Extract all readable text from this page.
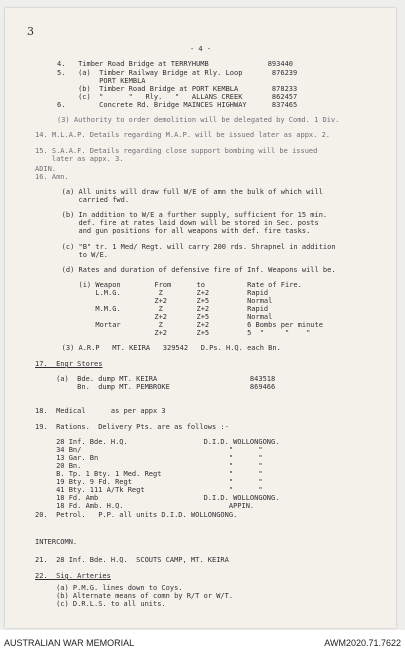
3
- 4 -
4.   Timber Road Bridge at TERRYHUMB              893440
5.   (a)  Timber Railway Bridge at Rly. Loop       876239
PORT KEMBLA
(b)  Timber Road Bridge at PORT KEMBLA        878233
(c)  "      "   Rly.   "   ALLANS CREEK       862457
6.        Concrete Rd. Bridge MAINCES HIGHWAY      837465
(3) Authority to order demolition will be delegated by Comd. 1 Div.
14. M.L.A.P. Details regarding M.A.P. will be issued later as appx. 2.
15. S.A.A.F. Details regarding close support bombing will be issued
later as appx. 3.
ADIN.
16. Amn.
(a) All units will draw full W/E of amn the bulk of which will
carried fwd.
(b) In addition to W/E a further supply, sufficient for 15 min.
def. fire at rates laid down will be stored in Sec. posts
and gun positions for all weapons with def. fire tasks.
(c) "B" tr. 1 Med/ Regt. will carry 200 rds. Shrapnel in addition
to W/E.
(d) Rates and duration of defensive fire of Inf. Weapons will be.
(i) Weapon        From      to          Rate of Fire.
L.M.G.         Z        Z+2         Rapid
Z+2       Z+5         Normal
M.M.G.         Z        Z+2         Rapid
Z+2       Z+5         Normal
Mortar         Z        Z+2         6 Bombs per minute
Z+2       Z+5         5  "     "    "
(3) A.R.P   MT. KEIRA   329542   D.Ps. H.Q. each Bn.
17.  Engr Stores
(a)  Bde. dump MT. KEIRA                      843518
Bn.  dump MT. PEMBROKE                   869466
18.  Medical      as per appx 3
19.  Rations.  Delivery Pts. are as follows :-
28 Inf. Bde. H.Q.                  D.I.D. WOLLONGONG.
34 Bn/                                   "      "
13 Gar. Bn                               "      "
20 Bn.                                   "      "
B. Tp. 1 Bty. 1 Med. Regt                "      "
19 Bty. 9 Fd. Regt                       "      "
41 Bty. 111 A/Tk Regt                    "      "
18 Fd. Amb                         D.I.D. WOLLONGONG.
18 Fd. Amb. H.Q.                         APPIN.
20.  Petrol.   P.P. all units D.I.D. WOLLONGONG.
INTERCOMN.
21.  28 Inf. Bde. H.Q.  SCOUTS CAMP, MT. KEIRA
22.  Sig. Arteries
(a) P.M.G. lines down to Coys.
(b) Alternate means of comn by R/T or W/T.
(c) D.R.L.S. to all units.
AUSTRALIAN WAR MEMORIAL	AWM2020.71.7622
